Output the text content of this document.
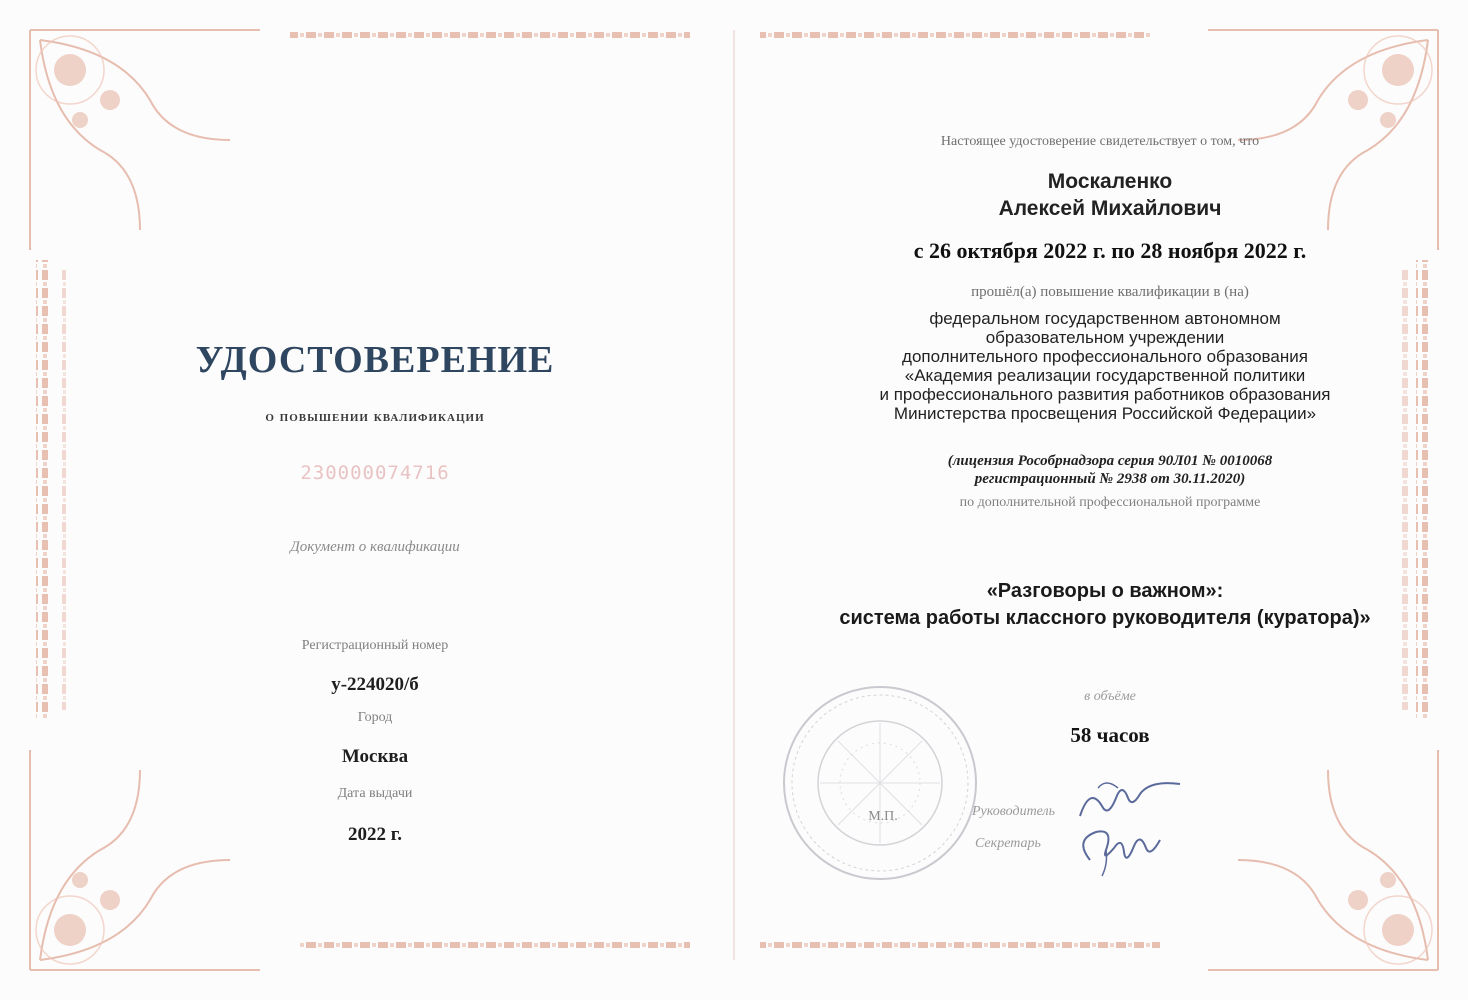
УДОСТОВЕРЕНИЕ
о повышении квалификации
230000074716
Документ о квалификации
Регистрационный номер
у-224020/б
Город
Москва
Дата выдачи
2022 г.
Настоящее удостоверение свидетельствует о том, что
Москаленко
Алексей Михайлович
с 26 октября 2022 г. по 28 ноября 2022 г.
прошёл(а) повышение квалификации в (на)
федеральном государственном автономном
образовательном учреждении
дополнительного профессионального образования
«Академия реализации государственной политики
и профессионального развития работников образования
Министерства просвещения Российской Федерации»
(лицензия Рособрнадзора серия 90Л01 № 0010068
регистрационный № 2938 от 30.11.2020)
по дополнительной профессиональной программе
«Разговоры о важном»:
система работы классного руководителя (куратора)»
в объёме
58 часов
М.П.	Руководитель
Секретарь
